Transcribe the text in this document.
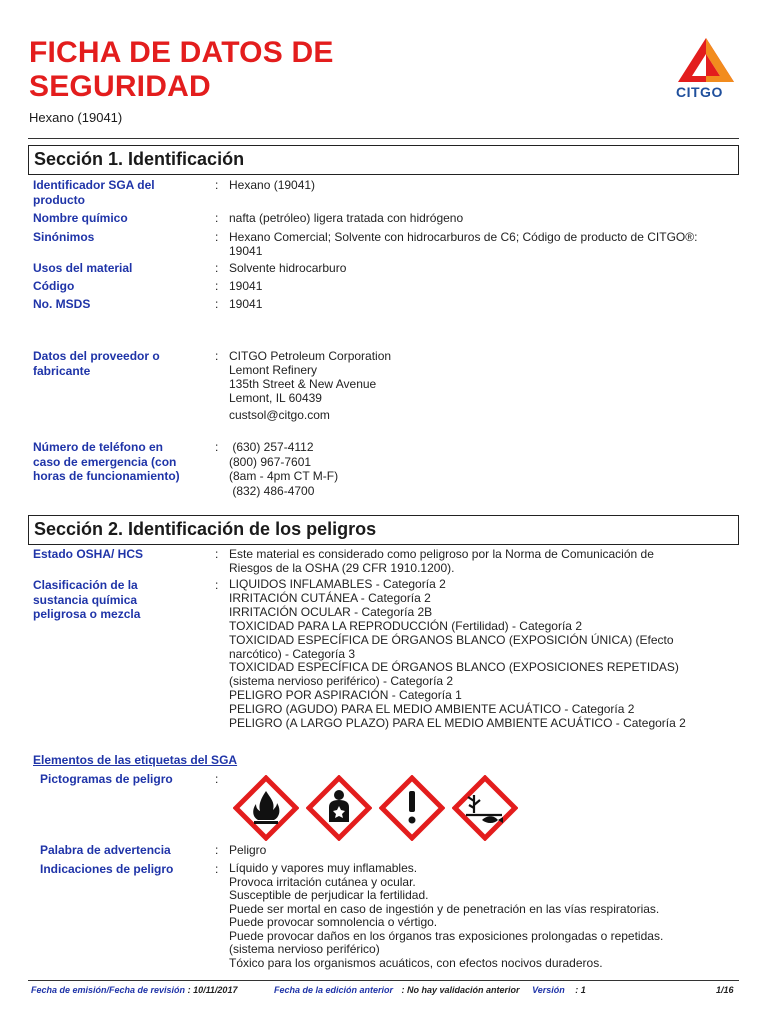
FICHA DE DATOS DE
SEGURIDAD
Hexano (19041)
CITGO
Sección 1. Identificación
Identificador SGA del
producto
: Hexano (19041)
Nombre químico	: nafta (petróleo) ligera tratada con hidrógeno
Sinónimos	: Hexano Comercial; Solvente con hidrocarburos de C6; Código de producto de CITGO®:
19041
Usos del material	: Solvente hidrocarburo
Código	: 19041
No. MSDS	: 19041
Datos del proveedor o
fabricante
: CITGO Petroleum Corporation
Lemont Refinery
135th Street & New Avenue
Lemont, IL 60439
custsol@citgo.com
Número de teléfono en
caso de emergencia (con
horas de funcionamiento)
: (630) 257-4112
(800) 967-7601
(8am - 4pm CT M-F)
(832) 486-4700
Sección 2. Identificación de los peligros
Estado OSHA/ HCS	: Este material es considerado como peligroso por la Norma de Comunicación de
Riesgos de la OSHA (29 CFR 1910.1200).
Clasificación de la
sustancia química
peligrosa o mezcla
: LIQUIDOS INFLAMABLES - Categoría 2
IRRITACIÓN CUTÁNEA - Categoría 2
IRRITACIÓN OCULAR - Categoría 2B
TOXICIDAD PARA LA REPRODUCCIÓN (Fertilidad) - Categoría 2
TOXICIDAD ESPECÍFICA DE ÓRGANOS BLANCO (EXPOSICIÓN ÚNICA) (Efecto
narcótico) - Categoría 3
TOXICIDAD ESPECÍFICA DE ÓRGANOS BLANCO (EXPOSICIONES REPETIDAS)
(sistema nervioso periférico) - Categoría 2
PELIGRO POR ASPIRACIÓN - Categoría 1
PELIGRO (AGUDO) PARA EL MEDIO AMBIENTE ACUÁTICO - Categoría 2
PELIGRO (A LARGO PLAZO) PARA EL MEDIO AMBIENTE ACUÁTICO - Categoría 2
Elementos de las etiquetas del SGA
Pictogramas de peligro	:
Palabra de advertencia	: Peligro
Indicaciones de peligro	: Líquido y vapores muy inflamables.
Provoca irritación cutánea y ocular.
Susceptible de perjudicar la fertilidad.
Puede ser mortal en caso de ingestión y de penetración en las vías respiratorias.
Puede provocar somnolencia o vértigo.
Puede provocar daños en los órganos tras exposiciones prolongadas o repetidas.
(sistema nervioso periférico)
Tóxico para los organismos acuáticos, con efectos nocivos duraderos.
Fecha de emisión/Fecha de revisión : 10/11/2017	Fecha de la edición anterior : No hay validación anterior Versión : 1	1/16
